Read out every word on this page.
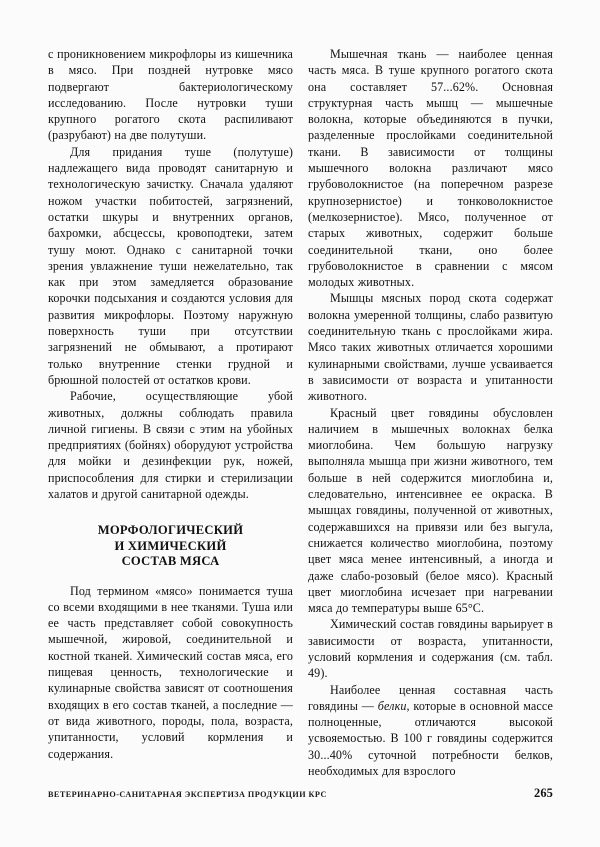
с проникновением микрофлоры из кишечника в мясо. При поздней нутровке мясо подвергают бактериологическому исследованию. После нутровки туши крупного рогатого скота распиливают (разрубают) на две полутуши.

Для придания туше (полутуше) надлежащего вида проводят санитарную и технологическую зачистку. Сначала удаляют ножом участки побитостей, загрязнений, остатки шкуры и внутренних органов, бахромки, абсцессы, кровоподтеки, затем тушу моют. Однако с санитарной точки зрения увлажнение туши нежелательно, так как при этом замедляется образование корочки подсыхания и создаются условия для развития микрофлоры. Поэтому наружную поверхность туши при отсутствии загрязнений не обмывают, а протирают только внутренние стенки грудной и брюшной полостей от остатков крови.

Рабочие, осуществляющие убой животных, должны соблюдать правила личной гигиены. В связи с этим на убойных предприятиях (бойнях) оборудуют устройства для мойки и дезинфекции рук, ножей, приспособления для стирки и стерилизации халатов и другой санитарной одежды.

МОРФОЛОГИЧЕСКИЙ
И ХИМИЧЕСКИЙ
СОСТАВ МЯСА

Под термином «мясо» понимается туша со всеми входящими в нее тканями. Туша или ее часть представляет собой совокупность мышечной, жировой, соединительной и костной тканей. Химический состав мяса, его пищевая ценность, технологические и кулинарные свойства зависят от соотношения входящих в его состав тканей, а последние — от вида животного, породы, пола, возраста, упитанности, условий кормления и содержания.

Мышечная ткань — наиболее ценная часть мяса. В туше крупного рогатого скота она составляет 57...62%. Основная структурная часть мышц — мышечные волокна, которые объединяются в пучки, разделенные прослойками соединительной ткани. В зависимости от толщины мышечного волокна различают мясо грубоволокнистое (на поперечном разрезе крупнозернистое) и тонковолокнистое (мелкозернистое). Мясо, полученное от старых животных, содержит больше соединительной ткани, оно более грубоволокнистое в сравнении с мясом молодых животных.

Мышцы мясных пород скота содержат волокна умеренной толщины, слабо развитую соединительную ткань с прослойками жира. Мясо таких животных отличается хорошими кулинарными свойствами, лучше усваивается в зависимости от возраста и упитанности животного.

Красный цвет говядины обусловлен наличием в мышечных волокнах белка миоглобина. Чем большую нагрузку выполняла мышца при жизни животного, тем больше в ней содержится миоглобина и, следовательно, интенсивнее ее окраска. В мышцах говядины, полученной от животных, содержавшихся на привязи или без выгула, снижается количество миоглобина, поэтому цвет мяса менее интенсивный, а иногда и даже слабо-розовый (белое мясо). Красный цвет миоглобина исчезает при нагревании мяса до температуры выше 65°С.

Химический состав говядины варьирует в зависимости от возраста, упитанности, условий кормления и содержания (см. табл. 49).

Наиболее ценная составная часть говядины — белки, которые в основной массе полноценные, отличаются высокой усвояемостью. В 100 г говядины содержится 30...40% суточной потребности белков, необходимых для взрослого

ВЕТЕРИНАРНО-САНИТАРНАЯ ЭКСПЕРТИЗА ПРОДУКЦИИ КРС	265
